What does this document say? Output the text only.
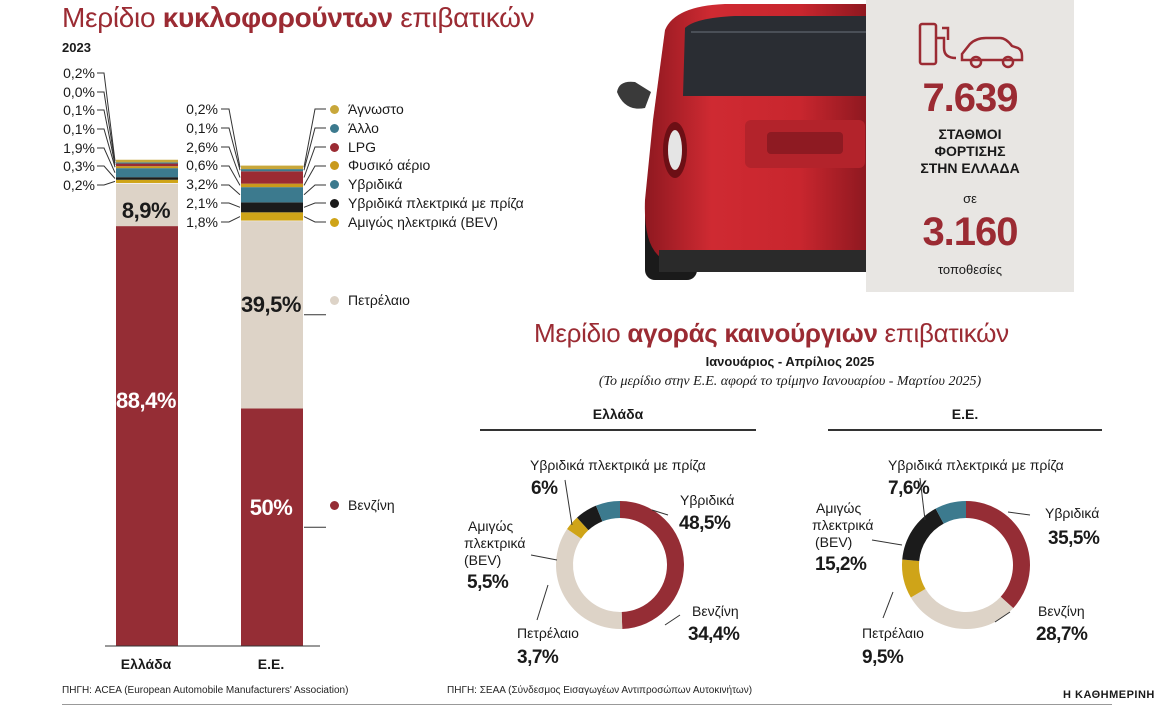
Μερίδιο κυκλοφορούντων επιβατικών
2023
0,2%
0,0%
0,1%
0,1%
1,9%
0,3%
0,2%
0,2%
0,1%
2,6%
0,6%
3,2%
2,1%
1,8%
8,9%
88,4%
39,5%
50%
Ελλάδα	Ε.Ε.
Άγνωστο
Άλλο
LPG
Φυσικό αέριο
Υβριδικά
Υβριδικά πλεκτρικά με πρίζα
Αμιγώς ηλεκτρικά (BEV)
Πετρέλαιο
Βενζίνη
ΠΗΓΗ: ACEA (European Automobile Manufacturers' Association)
7.639
ΣΤΑΘΜΟΙ
ΦΟΡΤΙΣΗΣ
ΣΤΗΝ ΕΛΛΑΔΑ
σε
3.160
τοποθεσίες
Μερίδιο αγοράς καινούργιων επιβατικών
Ιανουάριος - Απρίλιος 2025
(Το μερίδιο στην Ε.Ε. αφορά το τρίμηνο Ιανουαρίου - Μαρτίου 2025)
Ελλάδα	Ε.Ε.
Υβριδικά πλεκτρικά με πρίζα
6%
Υβριδικά
48,5%
Αμιγώς
πλεκτρικά
(BEV)
5,5%
Πετρέλαιο
3,7%
Βενζίνη
34,4%
Υβριδικά πλεκτρικά με πρίζα
7,6%
Υβριδικά
35,5%
Αμιγώς
πλεκτρικά
(BEV)
15,2%
Πετρέλαιο
9,5%
Βενζίνη
28,7%
ΠΗΓΗ: ΣΕΑΑ (Σύνδεσμος Εισαγωγέων Αντιπροσώπων Αυτοκινήτων)	Η ΚΑΘΗΜΕΡΙΝΗ
